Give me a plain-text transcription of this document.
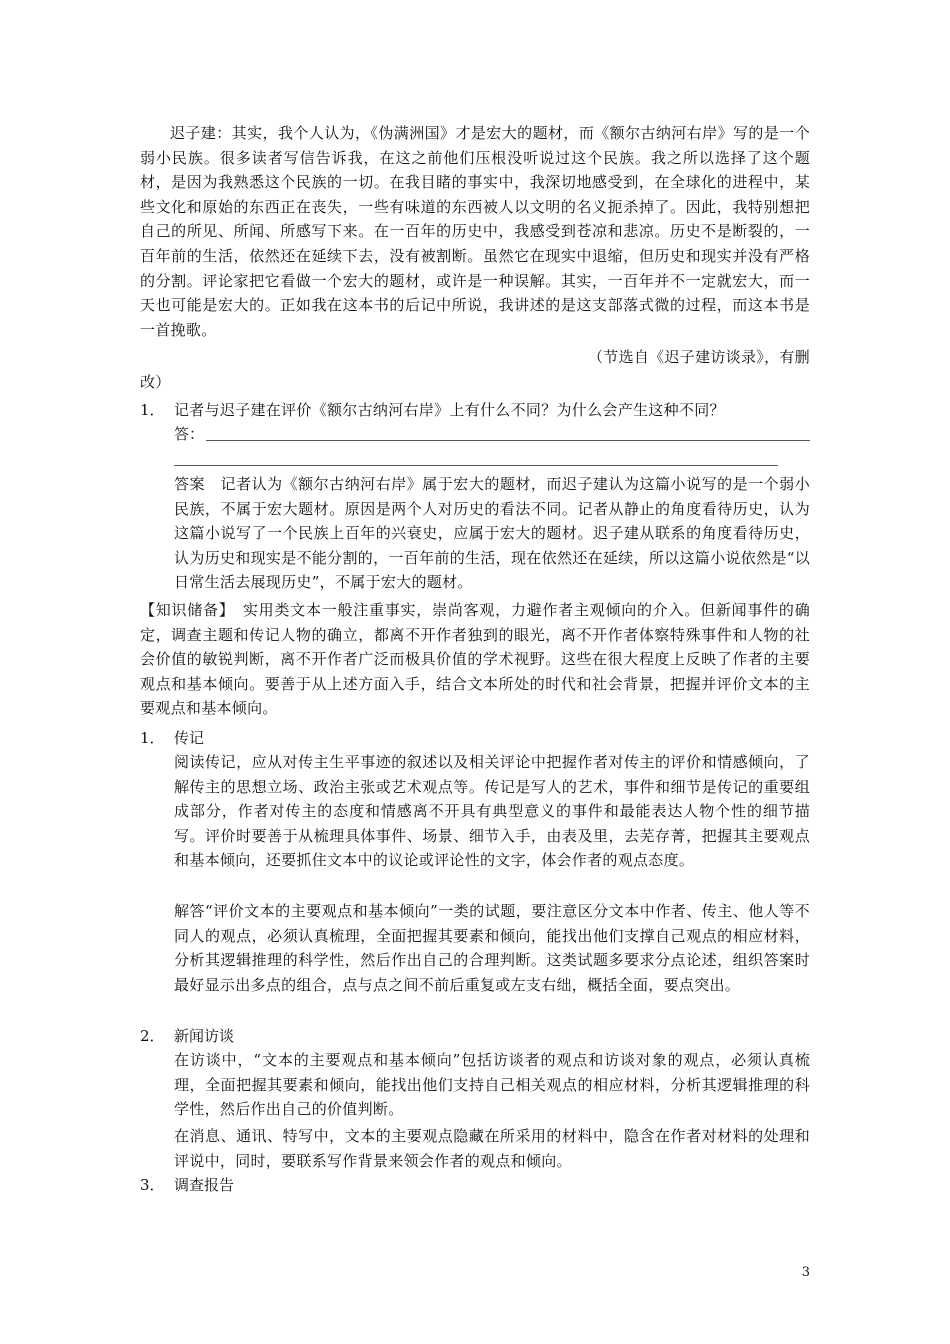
迟子建：其实，我个人认为，《伪满洲国》才是宏大的题材，而《额尔古纳河右岸》写的是一个弱小民族。很多读者写信告诉我，在这之前他们压根没听说过这个民族。我之所以选择了这个题材，是因为我熟悉这个民族的一切。在我目睹的事实中，我深切地感受到，在全球化的进程中，某些文化和原始的东西正在丧失，一些有味道的东西被人以文明的名义扼杀掉了。因此，我特别想把自己的所见、所闻、所感写下来。在一百年的历史中，我感受到苍凉和悲凉。历史不是断裂的，一百年前的生活，依然还在延续下去，没有被割断。虽然它在现实中退缩，但历史和现实并没有严格的分割。评论家把它看做一个宏大的题材，或许是一种误解。其实，一百年并不一定就宏大，而一天也可能是宏大的。正如我在这本书的后记中所说，我讲述的是这支部落式微的过程，而这本书是一首挽歌。
（节选自《迟子建访谈录》，有删
改）
1． 记者与迟子建在评价《额尔古纳河右岸》上有什么不同？为什么会产生这种不同？
答：
答案　记者认为《额尔古纳河右岸》属于宏大的题材，而迟子建认为这篇小说写的是一个弱小民族，不属于宏大题材。原因是两个人对历史的看法不同。记者从静止的角度看待历史，认为这篇小说写了一个民族上百年的兴衰史，应属于宏大的题材。迟子建从联系的角度看待历史，认为历史和现实是不能分割的，一百年前的生活，现在依然还在延续，所以这篇小说依然是“以日常生活去展现历史”，不属于宏大的题材。
【知识储备】　实用类文本一般注重事实，崇尚客观，力避作者主观倾向的介入。但新闻事件的确定，调查主题和传记人物的确立，都离不开作者独到的眼光，离不开作者体察特殊事件和人物的社会价值的敏锐判断，离不开作者广泛而极具价值的学术视野。这些在很大程度上反映了作者的主要观点和基本倾向。要善于从上述方面入手，结合文本所处的时代和社会背景，把握并评价文本的主要观点和基本倾向。
1． 传记
阅读传记，应从对传主生平事迹的叙述以及相关评论中把握作者对传主的评价和情感倾向，了解传主的思想立场、政治主张或艺术观点等。传记是写人的艺术，事件和细节是传记的重要组成部分，作者对传主的态度和情感离不开具有典型意义的事件和最能表达人物个性的细节描写。评价时要善于从梳理具体事件、场景、细节入手，由表及里，去芜存菁，把握其主要观点和基本倾向，还要抓住文本中的议论或评论性的文字，体会作者的观点态度。
解答“评价文本的主要观点和基本倾向”一类的试题，要注意区分文本中作者、传主、他人等不同人的观点，必须认真梳理，全面把握其要素和倾向，能找出他们支撑自己观点的相应材料，分析其逻辑推理的科学性，然后作出自己的合理判断。这类试题多要求分点论述，组织答案时最好显示出多点的组合，点与点之间不前后重复或左支右绌，概括全面，要点突出。
2． 新闻访谈
在访谈中，“文本的主要观点和基本倾向”包括访谈者的观点和访谈对象的观点，必须认真梳理，全面把握其要素和倾向，能找出他们支持自己相关观点的相应材料，分析其逻辑推理的科学性，然后作出自己的价值判断。
在消息、通讯、特写中，文本的主要观点隐藏在所采用的材料中，隐含在作者对材料的处理和评说中，同时，要联系写作背景来领会作者的观点和倾向。
3． 调查报告
3
